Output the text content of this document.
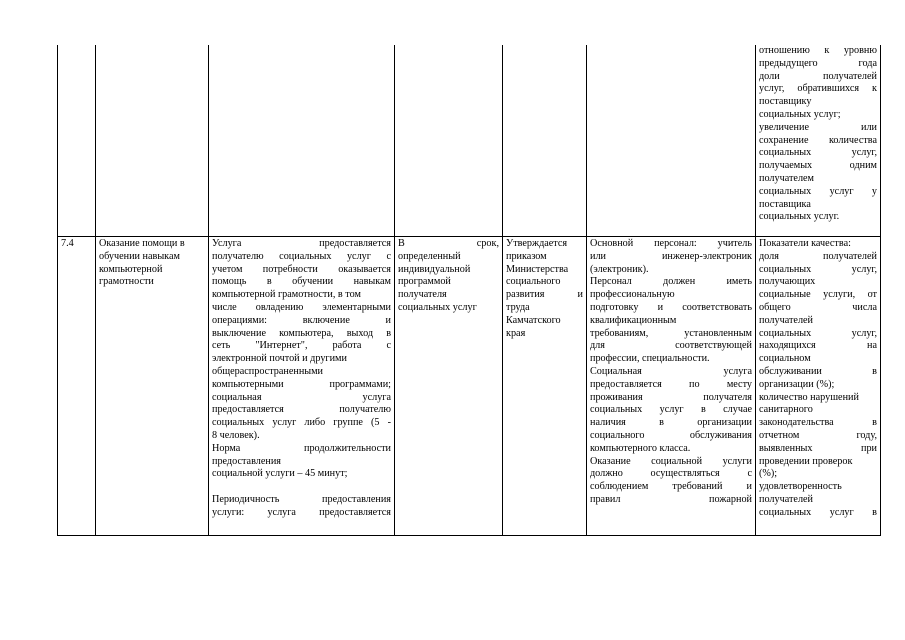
отношению к уровню

предыдущего года

доли получателей

услуг, обратившихся к

поставщику

социальных услуг;

увеличение или

сохранение количества

социальных услуг,

получаемых одним

получателем

социальных услуг у

поставщика

социальных услуг.

7.4	Оказание помощи в обучении навыкам компьютерной грамотности

Услуга предоставляется

получателю социальных услуг с

учетом потребности оказывается

помощь в обучении навыкам

компьютерной грамотности, в том

числе овладению элементарными

операциями: включение и

выключение компьютера, выход в

сеть "Интернет", работа с

электронной почтой и другими

общераспространенными

компьютерными программами;

социальная услуга

предоставляется получателю

социальных услуг либо группе (5 -

8 человек).

Норма продолжительности

предоставления

социальной услуги – 45 минут;

Периодичность предоставления

услуги: услуга предоставляется

В срок,

определенный

индивидуальной

программой

получателя

социальных услуг

Утверждается

приказом

Министерства

социального

развития и

труда

Камчатского

края

Основной персонал: учитель

или инженер-электроник

(электроник).

Персонал должен иметь

профессиональную

подготовку и соответствовать

квалификационным

требованиям, установленным

для соответствующей

профессии, специальности.

Социальная услуга

предоставляется по месту

проживания получателя

социальных услуг в случае

наличия в организации

социального обслуживания

компьютерного класса.

Оказание социальной услуги

должно осуществляться с

соблюдением требований и

правил пожарной

Показатели качества:

доля получателей

социальных услуг,

получающих

социальные услуги, от

общего числа

получателей

социальных услуг,

находящихся на

социальном

обслуживании в

организации (%);

количество нарушений

санитарного

законодательства в

отчетном году,

выявленных при

проведении проверок

(%);

удовлетворенность

получателей

социальных услуг в
